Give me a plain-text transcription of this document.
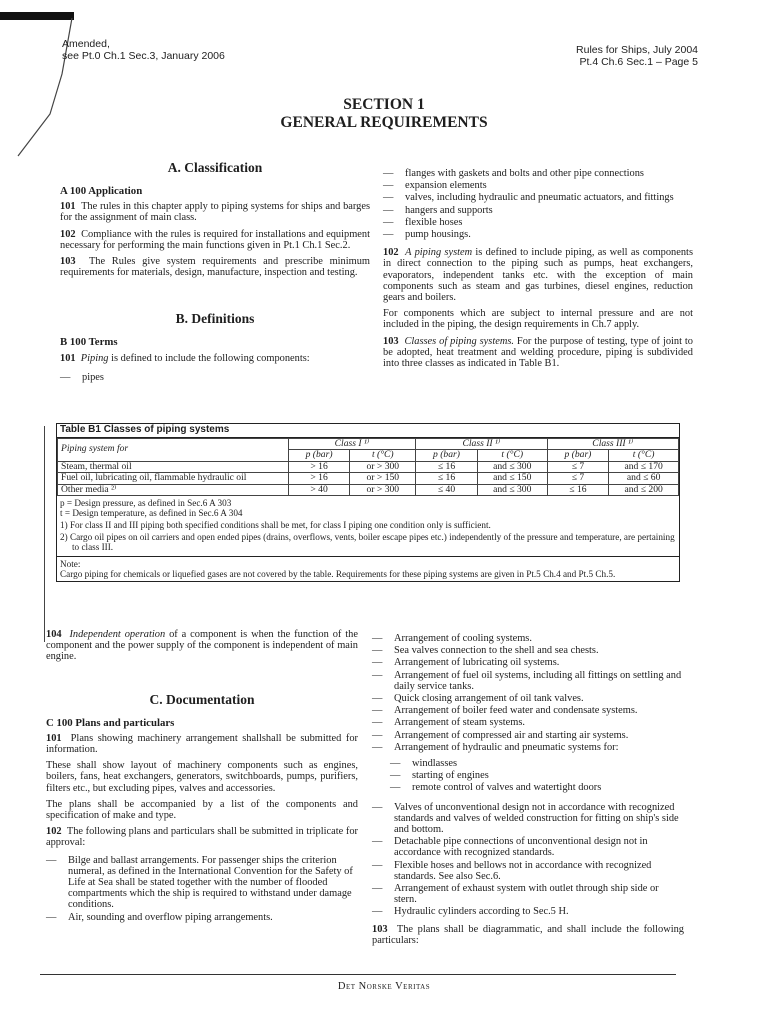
Amended,
see Pt.0 Ch.1 Sec.3, January 2006	Rules for Ships, July 2004
Pt.4 Ch.6 Sec.1 – Page 5
SECTION 1
GENERAL REQUIREMENTS
A. Classification
A 100 Application

101 The rules in this chapter apply to piping systems for ships and barges for the assignment of main class.

102 Compliance with the rules is required for installations and equipment necessary for performing the main functions given in Pt.1 Ch.1 Sec.2.

103 The Rules give system requirements and prescribe minimum requirements for materials, design, manufacture, inspection and testing.

B. Definitions
B 100 Terms

101 Piping is defined to include the following components:

— pipes
— flanges with gaskets and bolts and other pipe connections
— expansion elements
— valves, including hydraulic and pneumatic actuators, and fittings
— hangers and supports
— flexible hoses
— pump housings.

102 A piping system is defined to include piping, as well as components in direct connection to the piping such as pumps, heat exchangers, evaporators, independent tanks etc. with the exception of main components such as steam and gas turbines, diesel engines, reduction gears and boilers.

For components which are subject to internal pressure and are not included in the piping, the design requirements in Ch.7 apply.

103 Classes of piping systems. For the purpose of testing, type of joint to be adopted, heat treatment and welding procedure, piping is subdivided into three classes as indicated in Table B1.

Table B1 Classes of piping systems
Piping system for	Class I ¹⁾		Class II ¹⁾		Class III ¹⁾	
	p (bar)	t (°C)	p (bar)	t (°C)	p (bar)	t (°C)
Steam, thermal oil	> 16	or > 300	≤ 16	and ≤ 300	≤ 7	and ≤ 170
Fuel oil, lubricating oil, flammable hydraulic oil	> 16	or > 150	≤ 16	and ≤ 150	≤ 7	and ≤ 60
Other media ²⁾	> 40	or > 300	≤ 40	and ≤ 300	≤ 16	and ≤ 200
p = Design pressure, as defined in Sec.6 A 303
t = Design temperature, as defined in Sec.6 A 304
1) For class II and III piping both specified conditions shall be met, for class I piping one condition only is sufficient.
2) Cargo oil pipes on oil carriers and open ended pipes (drains, overflows, vents, boiler escape pipes etc.) independently of the pressure and temperature, are pertaining to class III.
Note:
Cargo piping for chemicals or liquefied gases are not covered by the table. Requirements for these piping systems are given in Pt.5 Ch.4 and Pt.5 Ch.5.

104 Independent operation of a component is when the function of the component and the power supply of the component is independent of main engine.

C. Documentation
C 100 Plans and particulars

101 Plans showing machinery arrangement shallshall be submitted for information.

These shall show layout of machinery components such as engines, boilers, fans, heat exchangers, generators, switchboards, pumps, purifiers, filters etc., but excluding pipes, valves and accessories.

The plans shall be accompanied by a list of the components and specification of make and type.

102 The following plans and particulars shall be submitted in triplicate for approval:

— Bilge and ballast arrangements. For passenger ships the criterion numeral, as defined in the International Convention for the Safety of Life at Sea shall be stated together with the number of flooded compartments which the ship is required to withstand under damage conditions.
— Air, sounding and overflow piping arrangements.
— Arrangement of cooling systems.
— Sea valves connection to the shell and sea chests.
— Arrangement of lubricating oil systems.
— Arrangement of fuel oil systems, including all fittings on settling and daily service tanks.
— Quick closing arrangement of oil tank valves.
— Arrangement of boiler feed water and condensate systems.
— Arrangement of steam systems.
— Arrangement of compressed air and starting air systems.
— Arrangement of hydraulic and pneumatic systems for:
— windlasses
— starting of engines
— remote control of valves and watertight doors
— Valves of unconventional design not in accordance with recognized standards and valves of welded construction for fitting on ship's side and bottom.
— Detachable pipe connections of unconventional design not in accordance with recognized standards.
— Flexible hoses and bellows not in accordance with recognized standards. See also Sec.6.
— Arrangement of exhaust system with outlet through ship side or stern.
— Hydraulic cylinders according to Sec.5 H.

103 The plans shall be diagrammatic, and shall include the following particulars:

Det Norske Veritas
